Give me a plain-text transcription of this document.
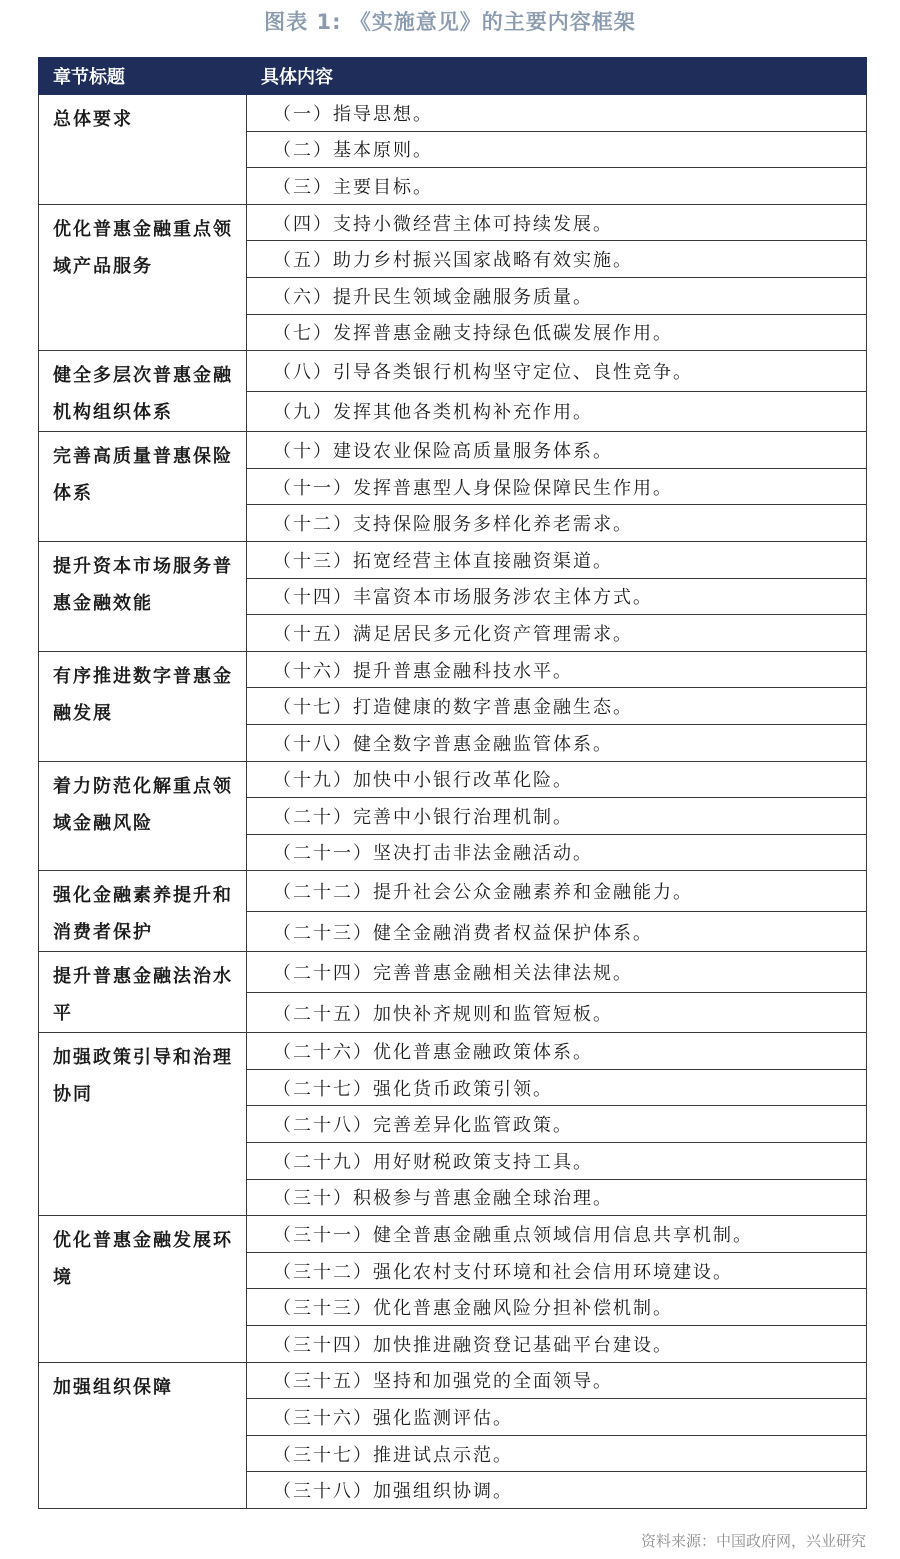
图表 1: 《实施意见》的主要内容框架
章节标题	具体内容
总体要求	（一）指导思想。
	（二）基本原则。
	（三）主要目标。
优化普惠金融重点领域产品服务	（四）支持小微经营主体可持续发展。
	（五）助力乡村振兴国家战略有效实施。
	（六）提升民生领域金融服务质量。
	（七）发挥普惠金融支持绿色低碳发展作用。
健全多层次普惠金融机构组织体系	（八）引导各类银行机构坚守定位、良性竞争。
	（九）发挥其他各类机构补充作用。
完善高质量普惠保险体系	（十）建设农业保险高质量服务体系。
	（十一）发挥普惠型人身保险保障民生作用。
	（十二）支持保险服务多样化养老需求。
提升资本市场服务普惠金融效能	（十三）拓宽经营主体直接融资渠道。
	（十四）丰富资本市场服务涉农主体方式。
	（十五）满足居民多元化资产管理需求。
有序推进数字普惠金融发展	（十六）提升普惠金融科技水平。
	（十七）打造健康的数字普惠金融生态。
	（十八）健全数字普惠金融监管体系。
着力防范化解重点领域金融风险	（十九）加快中小银行改革化险。
	（二十）完善中小银行治理机制。
	（二十一）坚决打击非法金融活动。
强化金融素养提升和消费者保护	（二十二）提升社会公众金融素养和金融能力。
	（二十三）健全金融消费者权益保护体系。
提升普惠金融法治水平	（二十四）完善普惠金融相关法律法规。
	（二十五）加快补齐规则和监管短板。
加强政策引导和治理协同	（二十六）优化普惠金融政策体系。
	（二十七）强化货币政策引领。
	（二十八）完善差异化监管政策。
	（二十九）用好财税政策支持工具。
	（三十）积极参与普惠金融全球治理。
优化普惠金融发展环境	（三十一）健全普惠金融重点领域信用信息共享机制。
	（三十二）强化农村支付环境和社会信用环境建设。
	（三十三）优化普惠金融风险分担补偿机制。
	（三十四）加快推进融资登记基础平台建设。
加强组织保障	（三十五）坚持和加强党的全面领导。
	（三十六）强化监测评估。
	（三十七）推进试点示范。
	（三十八）加强组织协调。
资料来源：中国政府网，兴业研究
